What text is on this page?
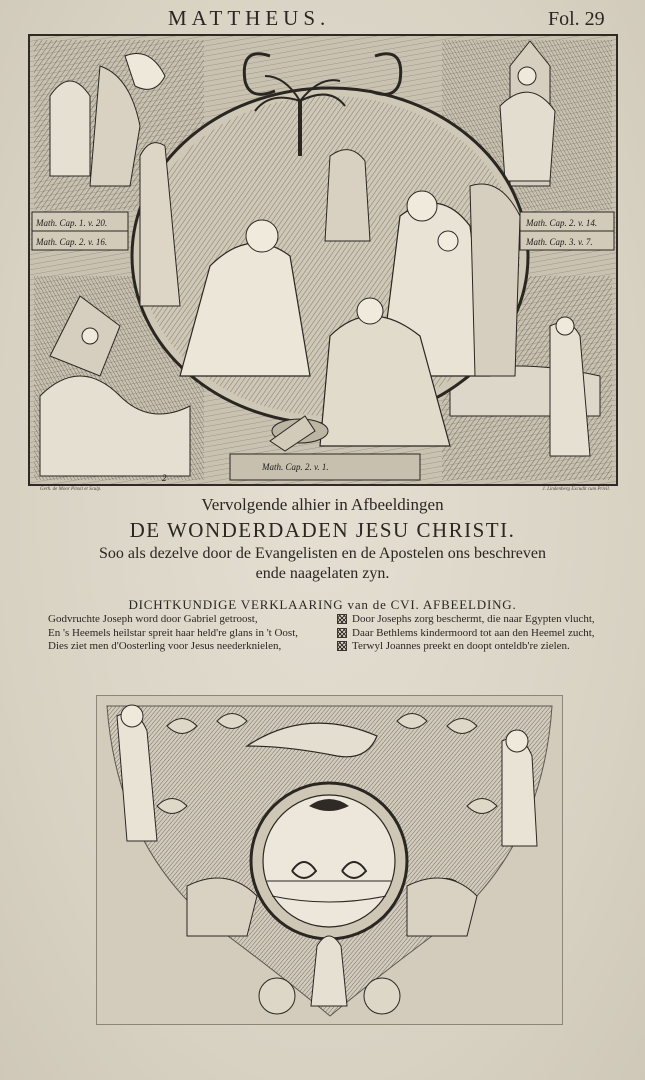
MATTHEUS.	Fol. 29
Math. Cap. 1. v. 20.
Math. Cap. 2. v. 16.
Math. Cap. 2. v. 14.
Math. Cap. 3. v. 7.
Math. Cap. 2. v. 1.
2
Gerh. de Moor Pinxit et Sculp.	J. Lindenberg Excudit cum Privil.
Vervolgende alhier in Afbeeldingen
DE WONDERDADEN JESU CHRISTI.
Soo als dezelve door de Evangelisten en de Apostelen ons beschreven
ende naagelaten zyn.
DICHTKUNDIGE VERKLAARING van de CVI. AFBEELDING.
Godvruchte Joseph word door Gabriel getroost,
En 's Heemels heilstar spreit haar held're glans in 't Oost,
Dies ziet men d'Oosterling voor Jesus neederknielen,
Door Josephs zorg beschermt, die naar Egypten vlucht,
Daar Bethlems kindermoord tot aan den Heemel zucht,
Terwyl Joannes preekt en doopt onteldb're zielen.
